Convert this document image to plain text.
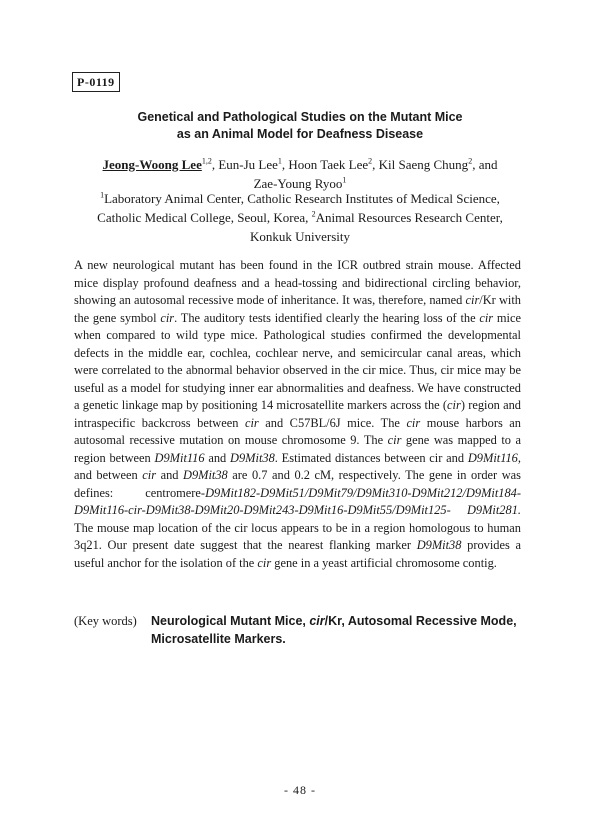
P-0119
Genetical and Pathological Studies on the Mutant Mice
as an Animal Model for Deafness Disease
Jeong-Woong Lee$^{1,2}$, Eun-Ju Lee$^1$, Hoon Taek Lee$^2$, Kil Saeng Chung$^2$, and
Zae-Young Ryoo$^1$
$^1$Laboratory Animal Center, Catholic Research Institutes of Medical Science,
Catholic Medical College, Seoul, Korea, $^2$Animal Resources Research Center,
Konkuk University
A new neurological mutant has been found in the ICR outbred strain mouse. Affected mice display profound deafness and a head-tossing and bidirectional circling behavior, showing an autosomal recessive mode of inheritance. It was, therefore, named cir/Kr with the gene symbol cir. The auditory tests identified clearly the hearing loss of the cir mice when compared to wild type mice. Pathological studies confirmed the developmental defects in the middle ear, cochlea, cochlear nerve, and semicircular canal areas, which were correlated to the abnormal behavior observed in the cir mice. Thus, cir mice may be useful as a model for studying inner ear abnormalities and deafness. We have constructed a genetic linkage map by positioning 14 microsatellite markers across the (cir) region and intraspecific backcross between cir and C57BL/6J mice. The cir mouse harbors an autosomal recessive mutation on mouse chromosome 9. The cir gene was mapped to a region between D9Mit116 and D9Mit38. Estimated distances between cir and D9Mit116, and between cir and D9Mit38 are 0.7 and 0.2 cM, respectively. The gene in order was defines: centromere-D9Mit182-D9Mit51/D9Mit79/D9Mit310-D9Mit212/D9Mit184-D9Mit116-cir-D9Mit38-D9Mit20-D9Mit243-D9Mit16-D9Mit55/D9Mit125- D9Mit281. The mouse map location of the cir locus appears to be in a region homologous to human 3q21. Our present date suggest that the nearest flanking marker D9Mit38 provides a useful anchor for the isolation of the cir gene in a yeast artificial chromosome contig.
(Key words)	Neurological Mutant Mice, cir/Kr, Autosomal Recessive Mode, Microsatellite Markers.
- 48 -
